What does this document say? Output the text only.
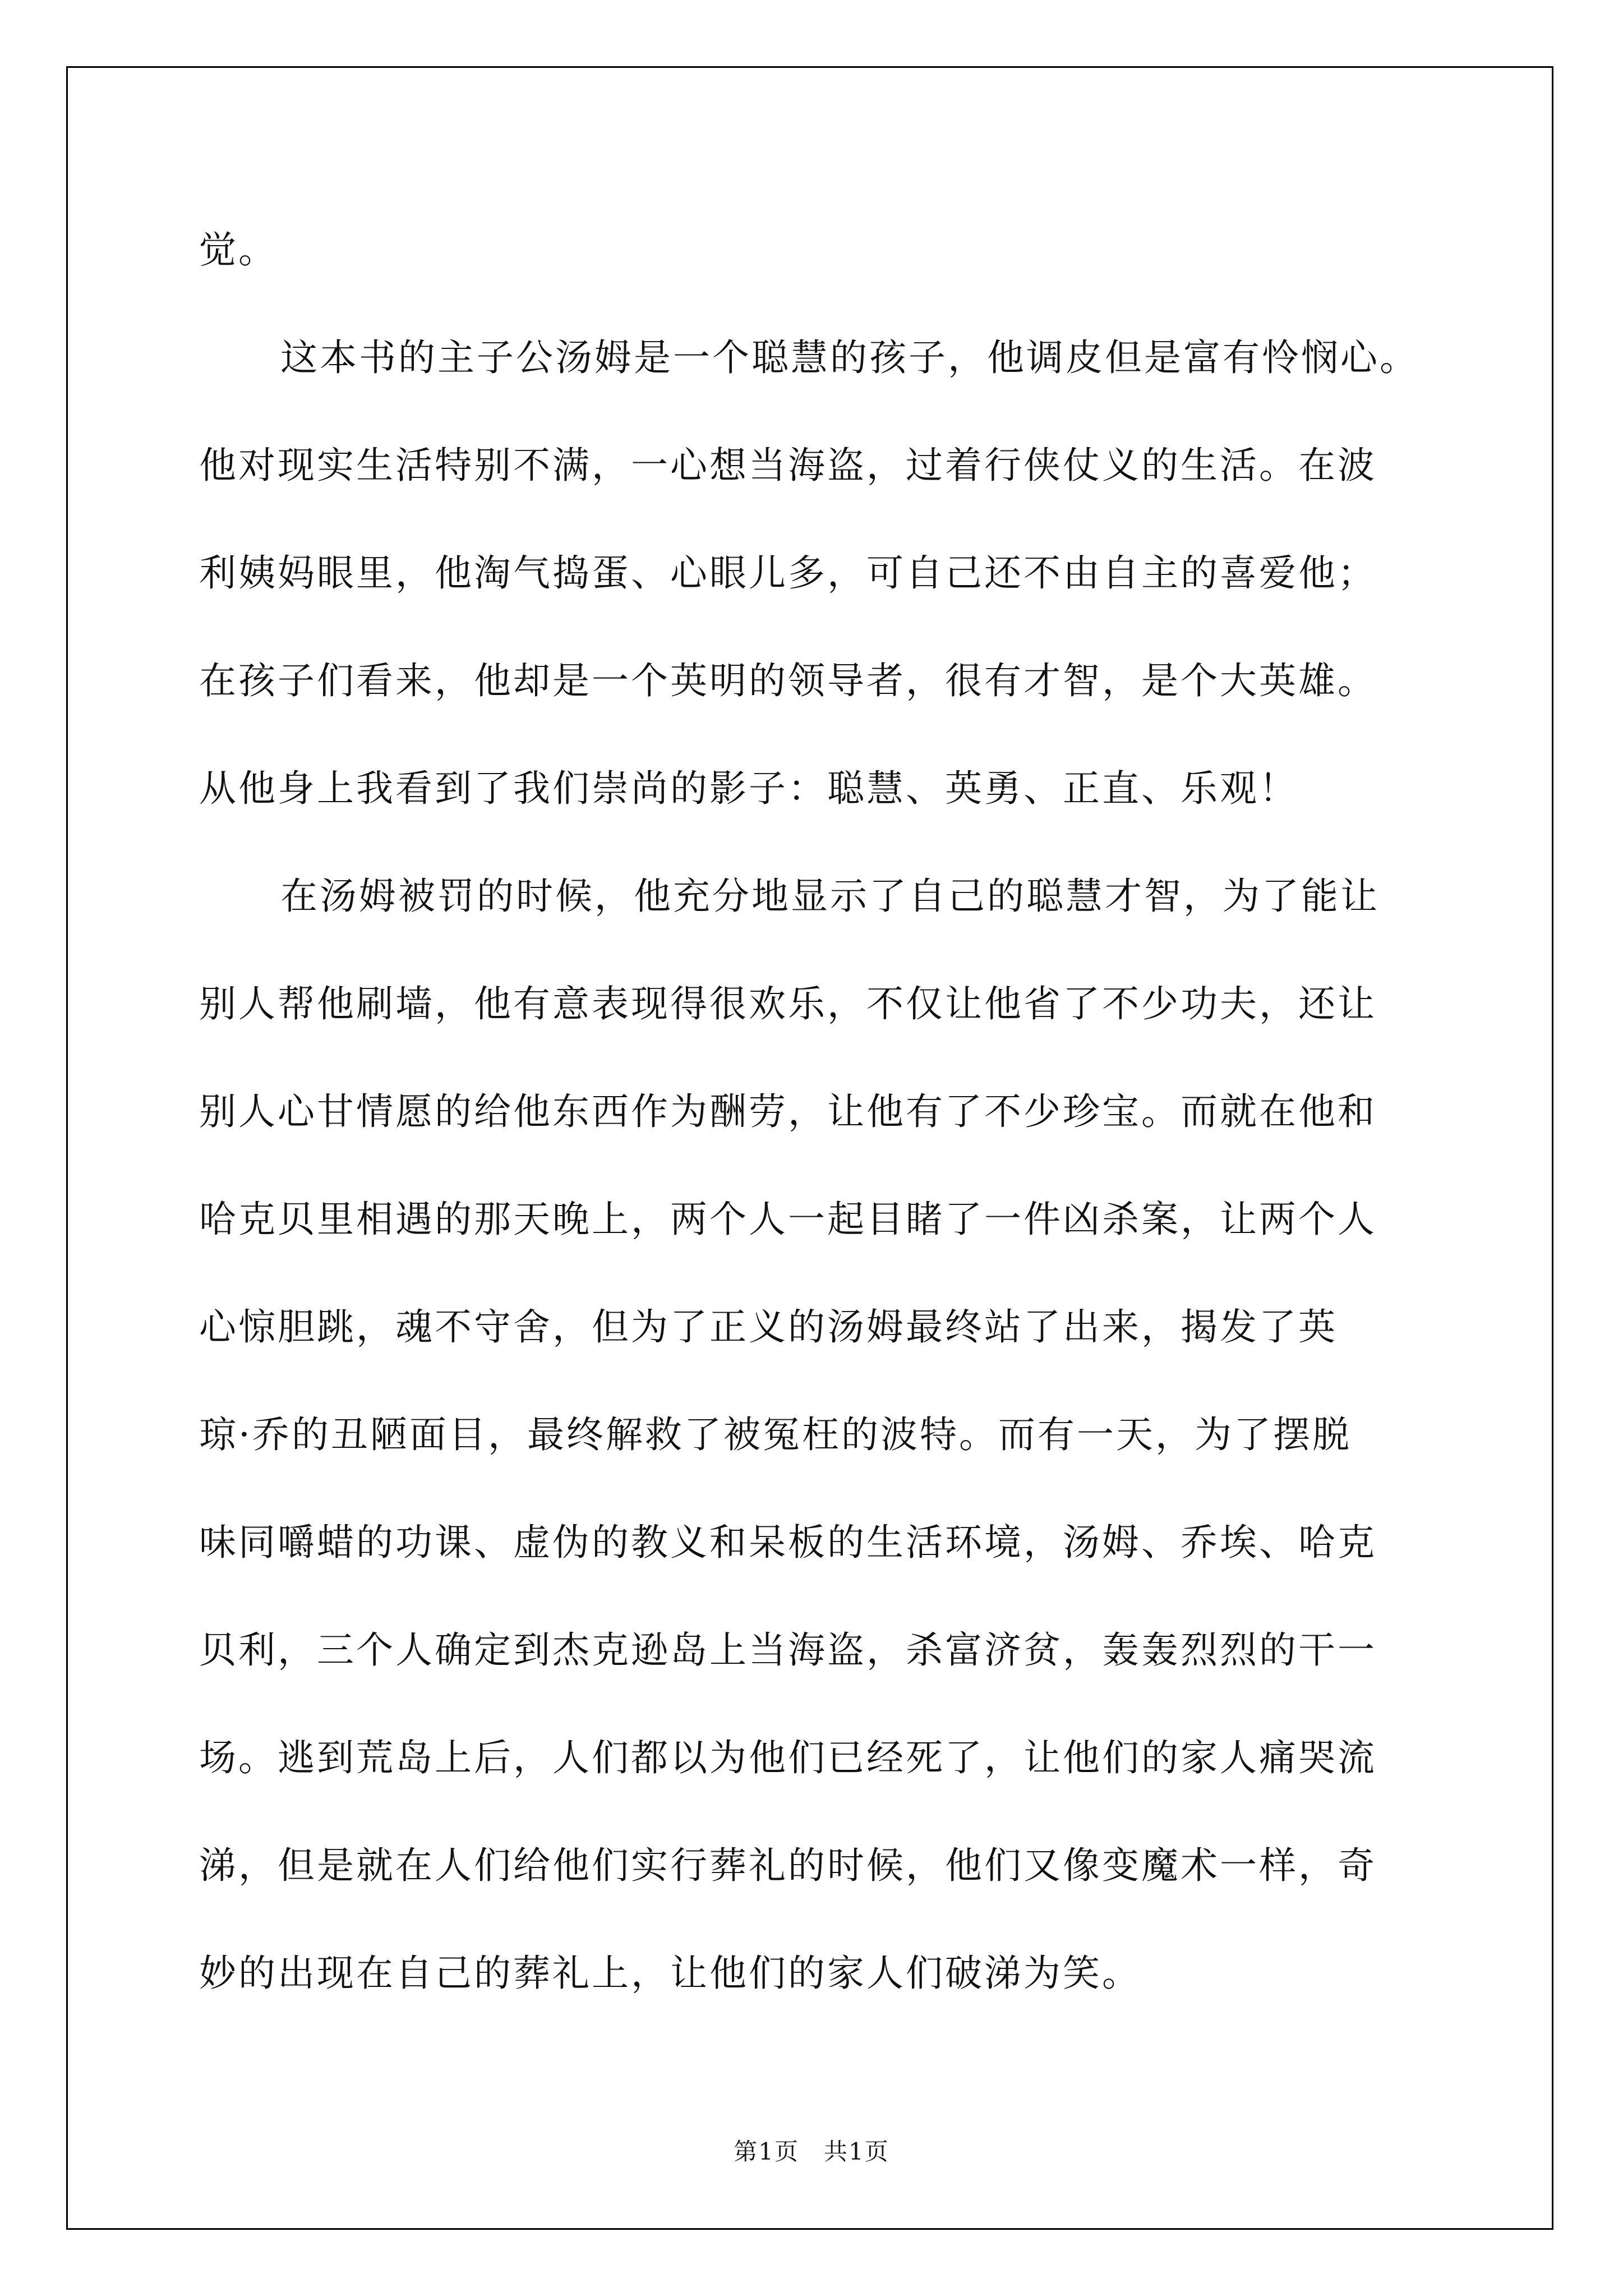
觉。
这本书的主子公汤姆是一个聪慧的孩子，他调皮但是富有怜悯心。
他对现实生活特别不满，一心想当海盗，过着行侠仗义的生活。在波
利姨妈眼里，他淘气捣蛋、心眼儿多，可自己还不由自主的喜爱他；
在孩子们看来，他却是一个英明的领导者，很有才智，是个大英雄。
从他身上我看到了我们崇尚的影子：聪慧、英勇、正直、乐观！
在汤姆被罚的时候，他充分地显示了自己的聪慧才智，为了能让
别人帮他刷墙，他有意表现得很欢乐，不仅让他省了不少功夫，还让
别人心甘情愿的给他东西作为酬劳，让他有了不少珍宝。而就在他和
哈克贝里相遇的那天晚上，两个人一起目睹了一件凶杀案，让两个人
心惊胆跳，魂不守舍，但为了正义的汤姆最终站了出来，揭发了英
琼·乔的丑陋面目，最终解救了被冤枉的波特。而有一天，为了摆脱
味同嚼蜡的功课、虚伪的教义和呆板的生活环境，汤姆、乔埃、哈克
贝利，三个人确定到杰克逊岛上当海盗，杀富济贫，轰轰烈烈的干一
场。逃到荒岛上后，人们都以为他们已经死了，让他们的家人痛哭流
涕，但是就在人们给他们实行葬礼的时候，他们又像变魔术一样，奇
妙的出现在自己的葬礼上，让他们的家人们破涕为笑。
第1页　共1页
